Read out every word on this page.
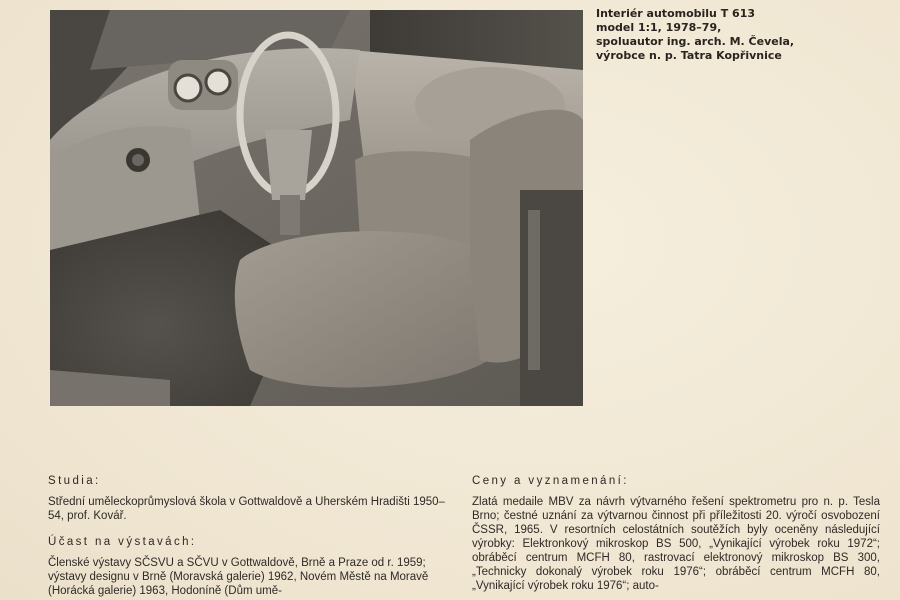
Interiér automobilu T 613
model 1:1, 1978–79,
spoluautor ing. arch. M. Čevela,
výrobce n. p. Tatra Kopřivnice
Studia:

Střední uměleckoprůmyslová škola v Gottwaldově a Uherském Hradišti 1950–54, prof. Kovář.

Účast na výstavách:

Členské výstavy SČSVU a SČVU v Gottwaldově, Brně a Praze od r. 1959; výstavy designu v Brně (Moravská galerie) 1962, Novém Městě na Moravě (Horácká galerie) 1963, Hodoníně (Dům umě-

Ceny a vyznamenání:

Zlatá medaile MBV za návrh výtvarného řešení spektrometru pro n. p. Tesla Brno; čestné uznání za výtvarnou činnost při příležitosti 20. výročí osvobození ČSSR, 1965. V resortních celostátních soutěžích byly oceněny následující výrobky: Elektronkový mikroskop BS 500, „Vynikající výrobek roku 1972“; obráběcí centrum MCFH 80, rastrovací elektronový mikroskop BS 300, „Technicky dokonalý výrobek roku 1976“; obráběcí centrum MCFH 80, „Vynikající výrobek roku 1976“; auto-
